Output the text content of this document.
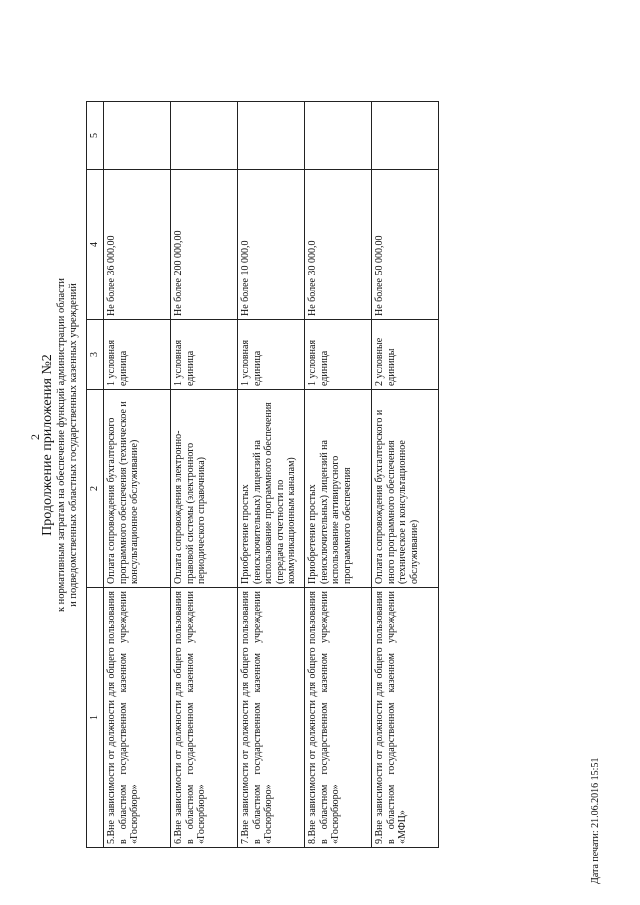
2
Продолжение приложения №2 к нормативным затратам на обеспечение функций администрации области и подведомственных областных государственных казенных учреждений
1	2	3	4	5
5.Вне зависимости от должности для общего пользования в областном государственном казенном учреждении «Госюрбюро»	Оплата сопровождения бухгалтерского программного обеспечения (техническое и консультационное обслуживание)	1 условная единица	Не более 36 000,00	
6.Вне зависимости от должности для общего пользования в областном государственном казенном учреждении «Госюрбюро»	Оплата сопровождения электронно-правовой системы (электронного периодического справочника)	1 условная единица	Не более 200 000,00	
7.Вне зависимости от должности для общего пользования в областном государственном казенном учреждении «Госюрбюро»	Приобретение простых (неисключительных) лицензий на использование программного обеспечения (передача отчетности по коммуникационным каналам)	1 условная единица	Не более 10 000,0	
8.Вне зависимости от должности для общего пользования в областном государственном казенном учреждении «Госюрбюро»	Приобретение простых (неисключительных) лицензий на использование антивирусного программного обеспечения	1 условная единица	Не более 30 000,0	
9.Вне зависимости от должности для общего пользования в областном государственном казенном учреждении «МФЦ»	Оплата сопровождения бухгалтерского и иного программного обеспечения (техническое и консультационное обслуживание)	2 условные единицы	Не более 50 000,00	
Дата печати: 21.06.2016 15:51
